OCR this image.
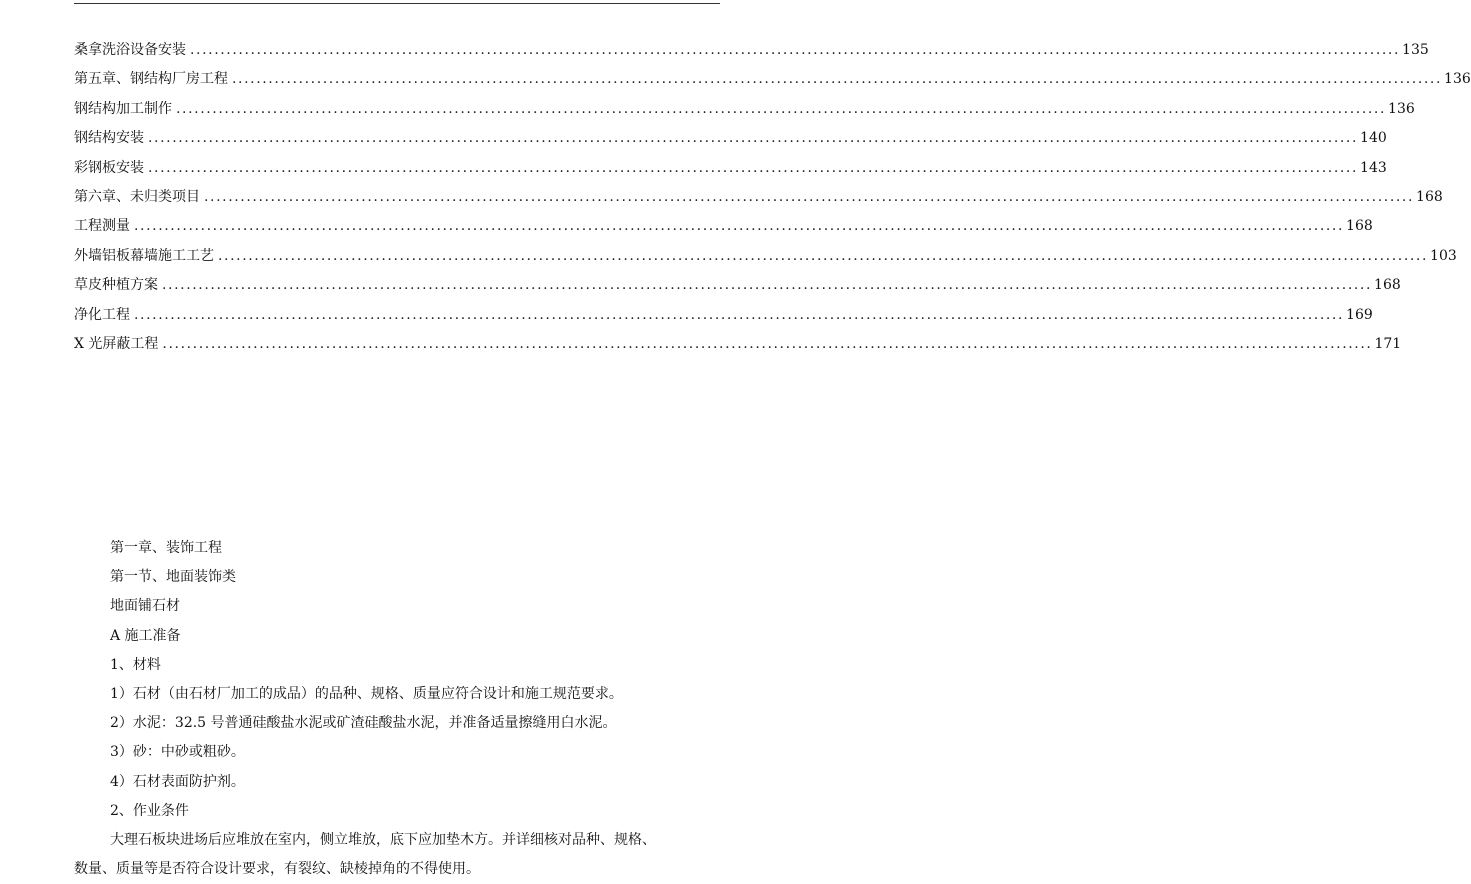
桑拿洗浴设备安装 ........................................................................................................................................................................................................ 135
第五章、钢结构厂房工程 ........................................................................................................................................................................................................ 136
钢结构加工制作 ........................................................................................................................................................................................................ 136
钢结构安装 ........................................................................................................................................................................................................ 140
彩钢板安装 ........................................................................................................................................................................................................ 143
第六章、未归类项目 ........................................................................................................................................................................................................ 168
工程测量 ........................................................................................................................................................................................................ 168
外墙铝板幕墙施工工艺 ........................................................................................................................................................................................................ 103
草皮种植方案 ........................................................................................................................................................................................................ 168
净化工程 ........................................................................................................................................................................................................ 169
X 光屏蔽工程 ........................................................................................................................................................................................................ 171
第一章、装饰工程
第一节、地面装饰类
地面铺石材
A 施工准备
1、材料
1）石材（由石材厂加工的成品）的品种、规格、质量应符合设计和施工规范要求。
2）水泥：32.5 号普通硅酸盐水泥或矿渣硅酸盐水泥，并准备适量擦缝用白水泥。
3）砂：中砂或粗砂。
4）石材表面防护剂。
2、作业条件
大理石板块进场后应堆放在室内，侧立堆放，底下应加垫木方。并详细核对品种、规格、
数量、质量等是否符合设计要求，有裂纹、缺棱掉角的不得使用。
